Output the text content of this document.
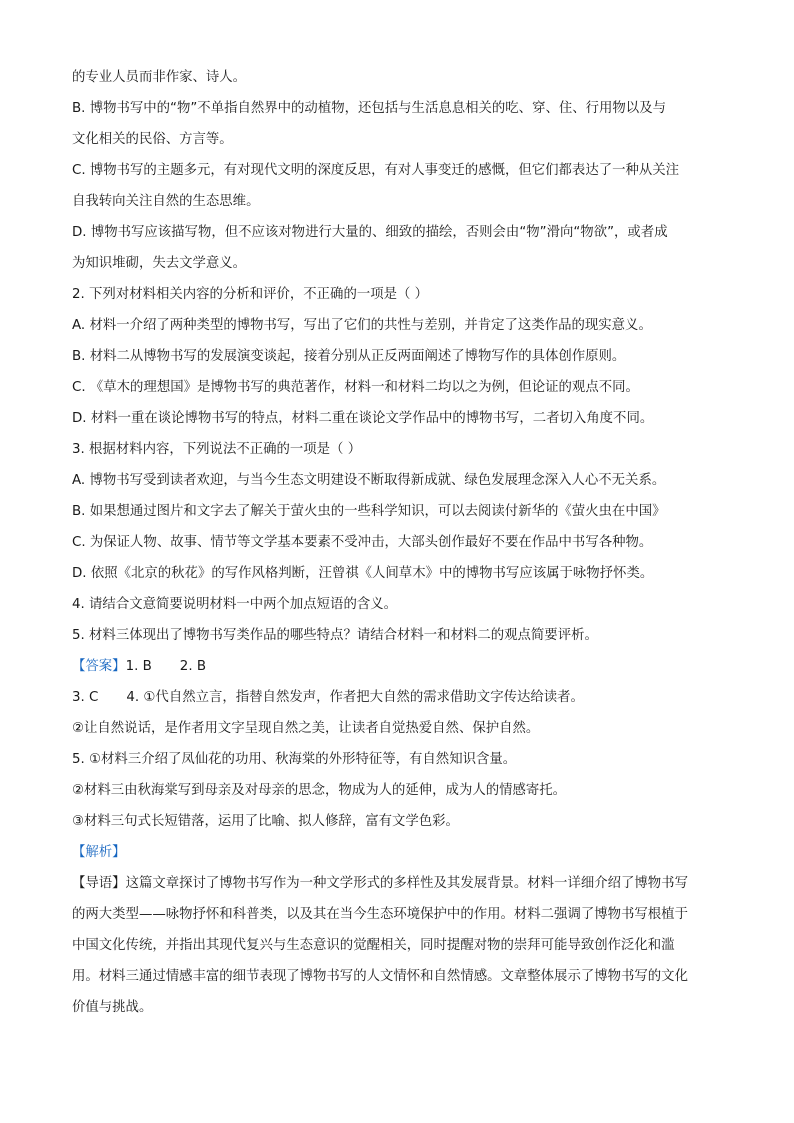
的专业人员而非作家、诗人。
B. 博物书写中的“物”不单指自然界中的动植物，还包括与生活息息相关的吃、穿、住、行用物以及与
文化相关的民俗、方言等。
C. 博物书写的主题多元，有对现代文明的深度反思，有对人事变迁的感慨，但它们都表达了一种从关注
自我转向关注自然的生态思维。
D. 博物书写应该描写物，但不应该对物进行大量的、细致的描绘，否则会由“物”滑向“物欲”，或者成
为知识堆砌，失去文学意义。
2. 下列对材料相关内容的分析和评价，不正确的一项是（ ）
A. 材料一介绍了两种类型的博物书写，写出了它们的共性与差别，并肯定了这类作品的现实意义。
B. 材料二从博物书写的发展演变谈起，接着分别从正反两面阐述了博物写作的具体创作原则。
C. 《草木的理想国》是博物书写的典范著作，材料一和材料二均以之为例，但论证的观点不同。
D. 材料一重在谈论博物书写的特点，材料二重在谈论文学作品中的博物书写，二者切入角度不同。
3. 根据材料内容，下列说法不正确的一项是（ ）
A. 博物书写受到读者欢迎，与当今生态文明建设不断取得新成就、绿色发展理念深入人心不无关系。
B. 如果想通过图片和文字去了解关于萤火虫的一些科学知识，可以去阅读付新华的《萤火虫在中国》
C. 为保证人物、故事、情节等文学基本要素不受冲击，大部头创作最好不要在作品中书写各种物。
D. 依照《北京的秋花》的写作风格判断，汪曾祺《人间草木》中的博物书写应该属于咏物抒怀类。
4. 请结合文意简要说明材料一中两个加点短语的含义。
5. 材料三体现出了博物书写类作品的哪些特点？请结合材料一和材料二的观点简要评析。
【答案】1. B 2. B
3. C 4. ①代自然立言，指替自然发声，作者把大自然的需求借助文字传达给读者。
②让自然说话，是作者用文字呈现自然之美，让读者自觉热爱自然、保护自然。
5. ①材料三介绍了凤仙花的功用、秋海棠的外形特征等，有自然知识含量。
②材料三由秋海棠写到母亲及对母亲的思念，物成为人的延伸，成为人的情感寄托。
③材料三句式长短错落，运用了比喻、拟人修辞，富有文学色彩。
【解析】
【导语】这篇文章探讨了博物书写作为一种文学形式的多样性及其发展背景。材料一详细介绍了博物书写
的两大类型——咏物抒怀和科普类，以及其在当今生态环境保护中的作用。材料二强调了博物书写根植于
中国文化传统，并指出其现代复兴与生态意识的觉醒相关，同时提醒对物的崇拜可能导致创作泛化和滥
用。材料三通过情感丰富的细节表现了博物书写的人文情怀和自然情感。文章整体展示了博物书写的文化
价值与挑战。
